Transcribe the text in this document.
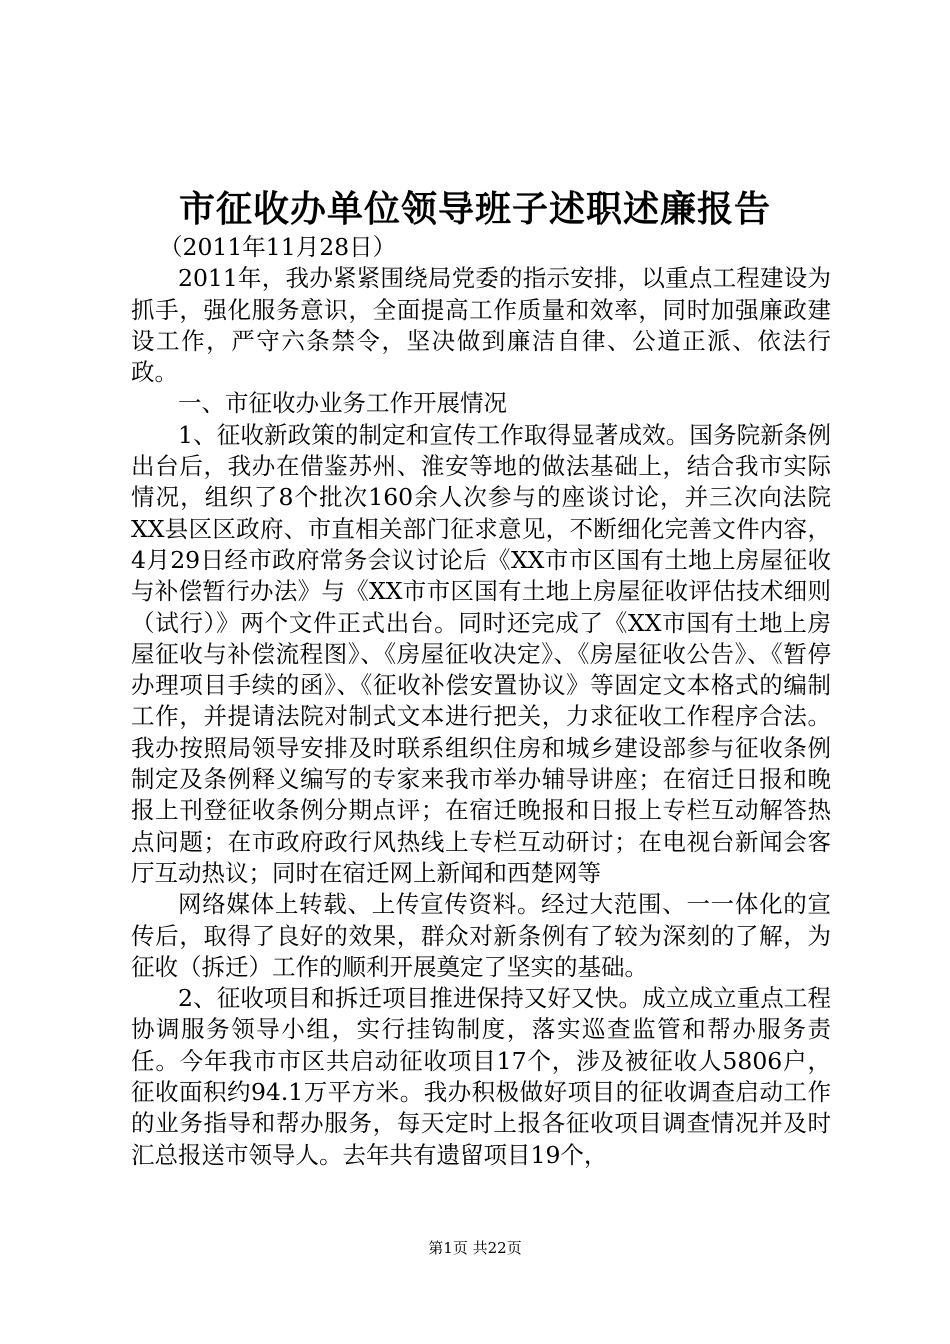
市征收办单位领导班子述职述廉报告

（2011年11月28日）

2011年，我办紧紧围绕局党委的指示安排，以重点工程建设为抓手，强化服务意识，全面提高工作质量和效率，同时加强廉政建设工作，严守六条禁令，坚决做到廉洁自律、公道正派、依法行政。

一、市征收办业务工作开展情况

1、征收新政策的制定和宣传工作取得显著成效。国务院新条例出台后，我办在借鉴苏州、淮安等地的做法基础上，结合我市实际情况，组织了8个批次160余人次参与的座谈讨论，并三次向法院XX县区区政府、市直相关部门征求意见，不断细化完善文件内容，4月29日经市政府常务会议讨论后《XX市市区国有土地上房屋征收与补偿暂行办法》与《XX市市区国有土地上房屋征收评估技术细则（试行）》两个文件正式出台。同时还完成了《XX市国有土地上房屋征收与补偿流程图》、《房屋征收决定》、《房屋征收公告》、《暂停办理项目手续的函》、《征收补偿安置协议》等固定文本格式的编制工作，并提请法院对制式文本进行把关，力求征收工作程序合法。我办按照局领导安排及时联系组织住房和城乡建设部参与征收条例制定及条例释义编写的专家来我市举办辅导讲座；在宿迁日报和晚报上刊登征收条例分期点评；在宿迁晚报和日报上专栏互动解答热点问题；在市政府政行风热线上专栏互动研讨；在电视台新闻会客厅互动热议；同时在宿迁网上新闻和西楚网等

网络媒体上转载、上传宣传资料。经过大范围、一一体化的宣传后，取得了良好的效果，群众对新条例有了较为深刻的了解，为征收（拆迁）工作的顺利开展奠定了坚实的基础。

2、征收项目和拆迁项目推进保持又好又快。成立成立重点工程协调服务领导小组，实行挂钩制度，落实巡查监管和帮办服务责任。今年我市市区共启动征收项目17个，涉及被征收人5806户，征收面积约94.1万平方米。我办积极做好项目的征收调查启动工作的业务指导和帮办服务，每天定时上报各征收项目调查情况并及时汇总报送市领导人。去年共有遗留项目19个，

第1页 共22页
